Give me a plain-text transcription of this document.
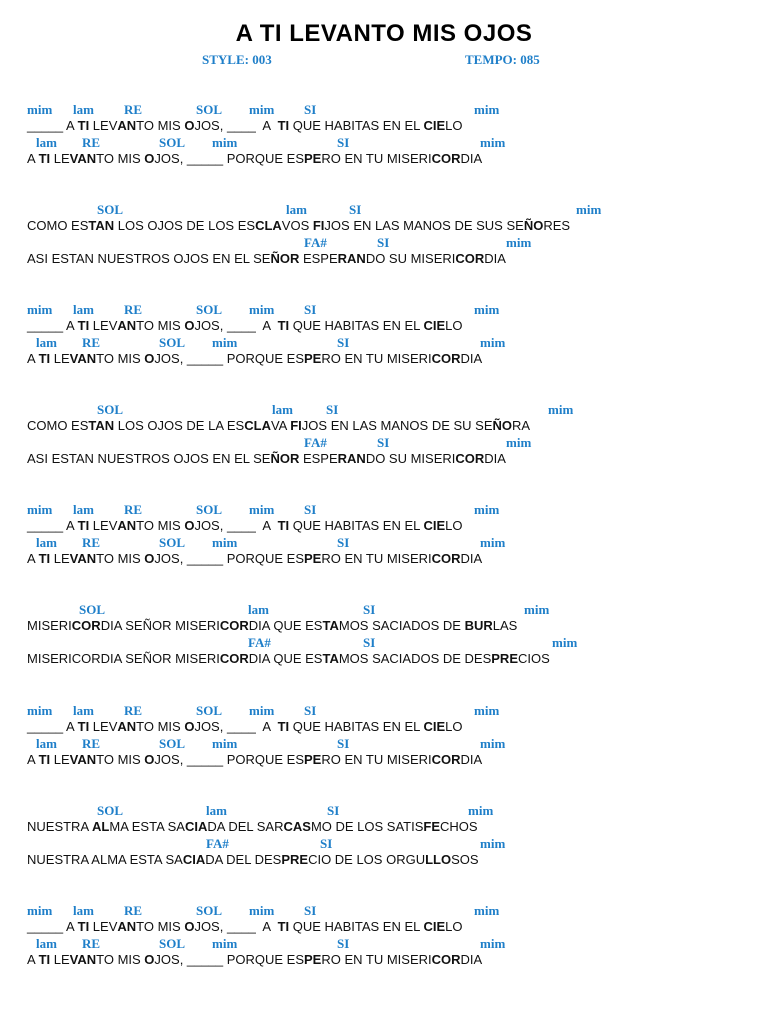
A TI LEVANTO MIS OJOS
STYLE: 003	TEMPO: 085
mim lam RE	SOL mim SI	mim
_____ A TI LEVANTO MIS OJOS, ____  A  TI QUE HABITAS EN EL CIELO
lam RE	SOL mim	SI	mim
A TI LEVANTO MIS OJOS, _____ PORQUE ESPERO EN TU MISERICORDIA
SOL	lam	SI	mim
COMO ESTAN LOS OJOS DE LOS ESCLAVOS FIJOS EN LAS MANOS DE SUS SEÑORES
FA#	SI	mim
ASI ESTAN NUESTROS OJOS EN EL SEÑOR ESPERANDO SU MISERICORDIA
mim lam RE	SOL mim SI	mim
_____ A TI LEVANTO MIS OJOS, ____  A  TI QUE HABITAS EN EL CIELO
lam RE	SOL mim	SI	mim
A TI LEVANTO MIS OJOS, _____ PORQUE ESPERO EN TU MISERICORDIA
SOL	lam	SI	mim
COMO ESTAN LOS OJOS DE LA ESCLAVA FIJOS EN LAS MANOS DE SU SEÑORA
FA#	SI	mim
ASI ESTAN NUESTROS OJOS EN EL SEÑOR ESPERANDO SU MISERICORDIA
mim lam RE	SOL mim SI	mim
_____ A TI LEVANTO MIS OJOS, ____  A  TI QUE HABITAS EN EL CIELO
lam RE	SOL mim	SI	mim
A TI LEVANTO MIS OJOS, _____ PORQUE ESPERO EN TU MISERICORDIA
SOL	lam	SI	mim
MISERICORDIA SEÑOR MISERICORDIA QUE ESTAMOS SACIADOS DE BURLAS
FA#	SI	mim
MISERICORDIA SEÑOR MISERICORDIA QUE ESTAMOS SACIADOS DE DESPRECIOS
mim lam RE	SOL mim SI	mim
_____ A TI LEVANTO MIS OJOS, ____  A  TI QUE HABITAS EN EL CIELO
lam RE	SOL mim	SI	mim
A TI LEVANTO MIS OJOS, _____ PORQUE ESPERO EN TU MISERICORDIA
SOL	lam	SI	mim
NUESTRA ALMA ESTA SACIADA DEL SARCASMO DE LOS SATISFECHOS
FA#	SI	mim
NUESTRA ALMA ESTA SACIADA DEL DESPRECIO DE LOS ORGULLOSOS
mim lam RE	SOL mim SI	mim
_____ A TI LEVANTO MIS OJOS, ____  A  TI QUE HABITAS EN EL CIELO
lam RE	SOL mim	SI	mim
A TI LEVANTO MIS OJOS, _____ PORQUE ESPERO EN TU MISERICORDIA
